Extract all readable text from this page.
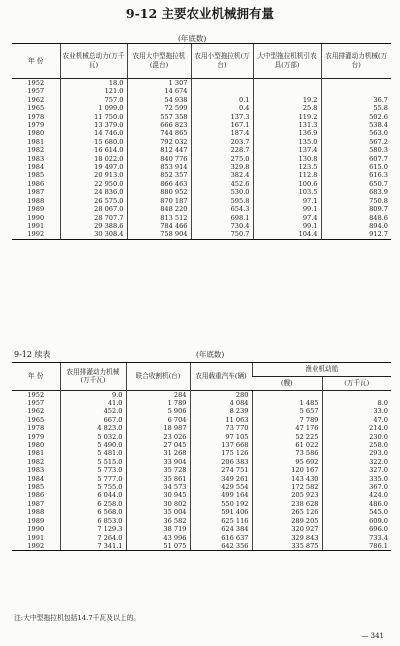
9-12 主要农业机械拥有量
(年底数)
年 份	农业机械总动力(万千瓦)	农用大中型拖拉机(混台)	农用小型拖拉机(万台)	大中型拖拉机机引农具(万部)	农用排灌动力机械(万台)
1952	18.0	1 307			
1957	121.0	14 674			
1962	757.0	54 938	0.1	19.2	36.7
1965	1 099.0	72 599	0.4	25.8	55.8
1978	11 750.0	557 358	137.3	119.2	502.6
1979	13 379.0	666 823	167.1	131.3	538.4
1980	14 746.0	744 865	187.4	136.9	563.0
1981	15 680.0	792 032	203.7	135.0	567.2
1982	16 614.0	812 447	228.7	137.4	580.3
1983	18 022.0	840 776	275.0	130.8	607.7
1984	19 497.0	853 914	329.8	123.5	615.0
1985	20 913.0	852 357	382.4	112.8	616.3
1986	22 950.0	866 463	452.6	100.6	650.7
1987	24 836.0	880 952	530.0	103.5	683.9
1988	26 575.0	870 187	595.8	97.1	750.8
1989	28 067.0	848 220	654.3	99.1	809.7
1990	28 707.7	813 512	698.1	97.4	848.6
1991	29 388.6	784 466	730.4	99.1	894.0
1992	30 308.4	758 904	750.7	104.4	912.7
9-12 续表	(年底数)
年 份	农用排灌动力机械(万千瓦)	联合收割机(台)	农用载重汽车(辆)	渔业机动船	
				(艘)	(万千瓦)
1952	9.0	284	280		
1957	41.0	1 789	4 084	1 485	8.0
1962	452.0	5 906	8 239	5 657	33.0
1965	667.0	6 704	11 063	7 789	47.0
1978	4 823.0	18 987	73 770	47 176	214.0
1979	5 032.0	23 026	97 105	52 225	230.0
1980	5 490.0	27 045	137 668	61 022	258.0
1981	5 481.0	31 268	175 126	73 586	293.0
1982	5 515.0	33 904	206 383	95 692	322.0
1983	5 773.0	35 728	274 751	120 167	327.0
1984	5 777.0	35 861	349 261	143 430	335.0
1985	5 755.0	34 573	429 554	172 582	367.0
1986	6 044.0	30 945	499 164	205 923	424.0
1987	6 258.0	30 802	550 192	238 628	486.0
1988	6 568.0	35 004	591 406	265 126	545.0
1989	6 853.0	36 582	625 116	289 205	609.0
1990	7 129.3	38 719	624 384	320 927	696.0
1991	7 264.0	43 996	616 637	329 843	733.4
1992	7 341.1	51 075	642 356	335 875	786.1
注:大中型拖拉机包括14.7千瓦及以上的。
— 341
